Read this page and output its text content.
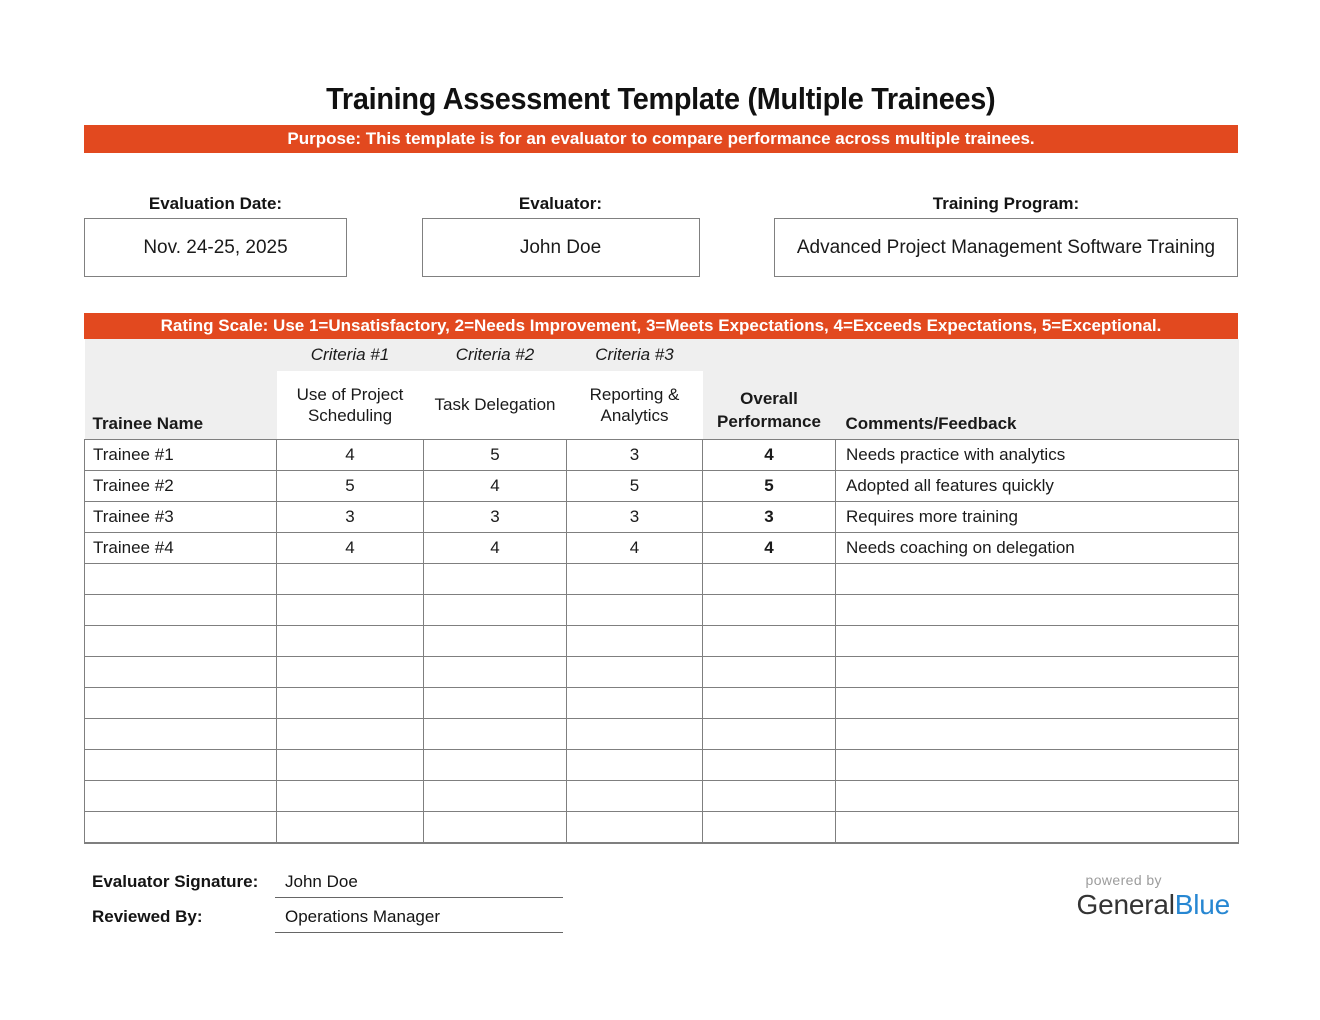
Training Assessment Template (Multiple Trainees)
Purpose: This template is for an evaluator to compare performance across multiple trainees.
Evaluation Date:
Nov. 24-25, 2025
Evaluator:
John Doe
Training Program:
Advanced Project Management Software Training
Rating Scale: Use 1=Unsatisfactory, 2=Needs Improvement, 3=Meets Expectations, 4=Exceeds Expectations, 5=Exceptional.
	Criteria #1	Criteria #2	Criteria #3		
Trainee Name	Use of Project Scheduling	Task Delegation	Reporting & Analytics	Overall Performance	Comments/Feedback
Trainee #1	4	5	3	4	Needs practice with analytics
Trainee #2	5	4	5	5	Adopted all features quickly
Trainee #3	3	3	3	3	Requires more training
Trainee #4	4	4	4	4	Needs coaching on delegation

Evaluator Signature:	John Doe
Reviewed By:	Operations Manager
powered by
GeneralBlue
